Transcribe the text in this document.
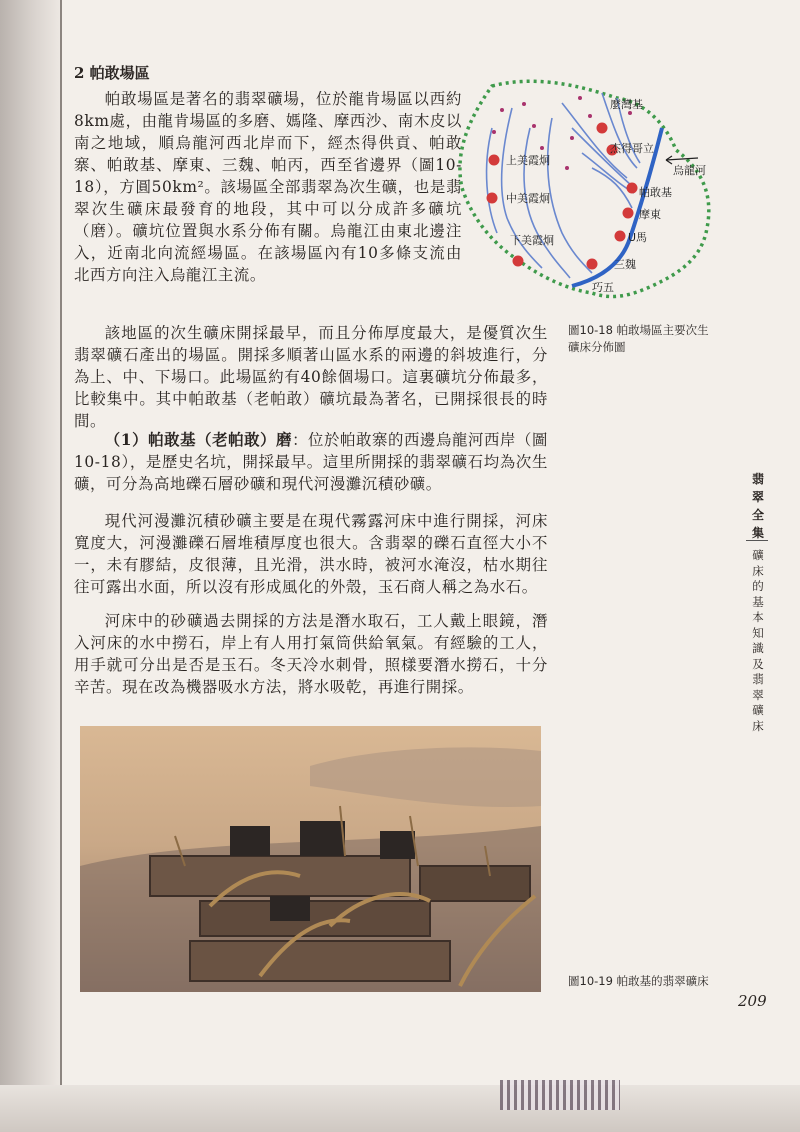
2 帕敢場區

帕敢場區是著名的翡翠礦場，位於龍肯場區以西約8km處，由龍肯場區的多磨、媽隆、摩西沙、南木皮以南之地域，順烏龍河西北岸而下，經杰得供貢、帕敢寨、帕敢基、摩東、三魏、帕丙，西至省邊界（圖10-18），方圓50km²。該場區全部翡翠為次生礦，也是翡翠次生礦床最發育的地段，其中可以分成許多礦坑（磨）。礦坑位置與水系分佈有關。烏龍江由東北邊注入，近南北向流經場區。在該場區內有10多條支流由北西方向注入烏龍江主流。

麼灣基
杰得哥立
烏龍河
上美霞炯
帕敢基
中美霞炯
摩東
下美霞炯	U馬
三魏
巧五
圖10-18 帕敢場區主要次生礦床分佈圖

該地區的次生礦床開採最早，而且分佈厚度最大，是優質次生翡翠礦石產出的場區。開採多順著山區水系的兩邊的斜坡進行，分為上、中、下場口。此場區約有40餘個場口。這裏礦坑分佈最多，比較集中。其中帕敢基（老帕敢）礦坑最為著名，已開採很長的時間。

（1）帕敢基（老帕敢）磨：位於帕敢寨的西邊烏龍河西岸（圖10-18），是歷史名坑，開採最早。這里所開採的翡翠礦石均為次生礦，可分為高地礫石層砂礦和現代河漫灘沉積砂礦。

現代河漫灘沉積砂礦主要是在現代霧露河床中進行開採，河床寬度大，河漫灘礫石層堆積厚度也很大。含翡翠的礫石直徑大小不一，未有膠結，皮很薄，且光滑，洪水時，被河水淹沒，枯水期往往可露出水面，所以沒有形成風化的外殼，玉石商人稱之為水石。

河床中的砂礦過去開採的方法是潛水取石，工人戴上眼鏡，潛入河床的水中撈石，岸上有人用打氣筒供給氧氣。有經驗的工人，用手就可分出是否是玉石。冬天冷水刺骨，照樣要潛水撈石，十分辛苦。現在改為機器吸水方法，將水吸乾，再進行開採。

翡翠全集
礦床的基本知識及翡翠礦床
圖10-19 帕敢基的翡翠礦床
209
